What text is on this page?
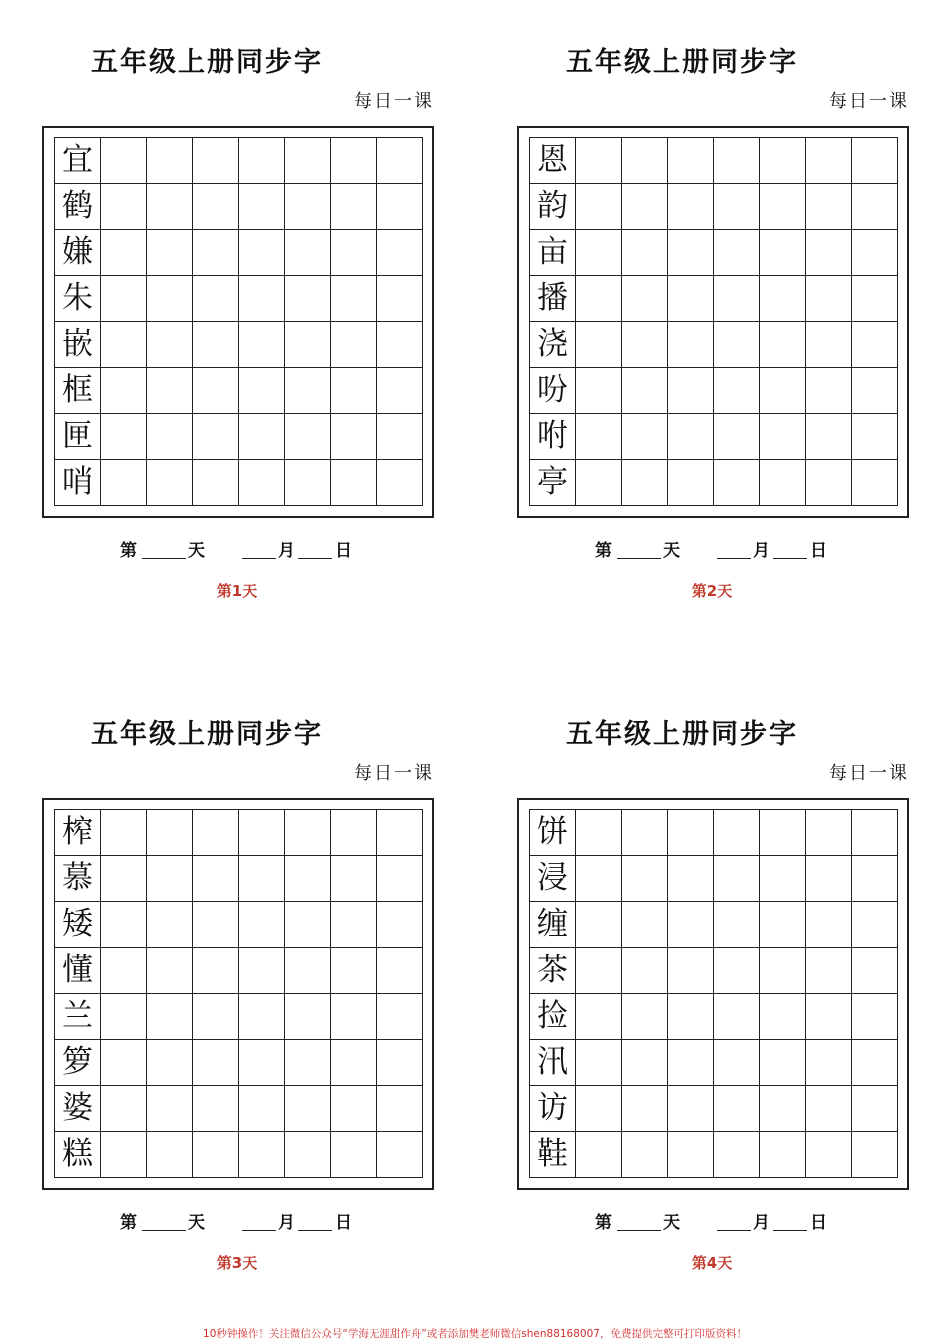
五年级上册同步字
每日一课
宜
鹤
嫌
朱
嵌
框
匣
哨
第	天	月 日
第1天
五年级上册同步字
每日一课
恩
韵
亩
播
浇
吩
咐
亭
第	天	月 日
第2天
五年级上册同步字
每日一课
榨
慕
矮
懂
兰
箩
婆
糕
第	天	月 日
第3天
五年级上册同步字
每日一课
饼
浸
缠
茶
捡
汛
访
鞋
第	天	月 日
第4天
10秒钟操作！关注微信公众号“学海无涯甜作舟”或者添加樊老师微信shen88168007，免费提供完整可打印版资料！
